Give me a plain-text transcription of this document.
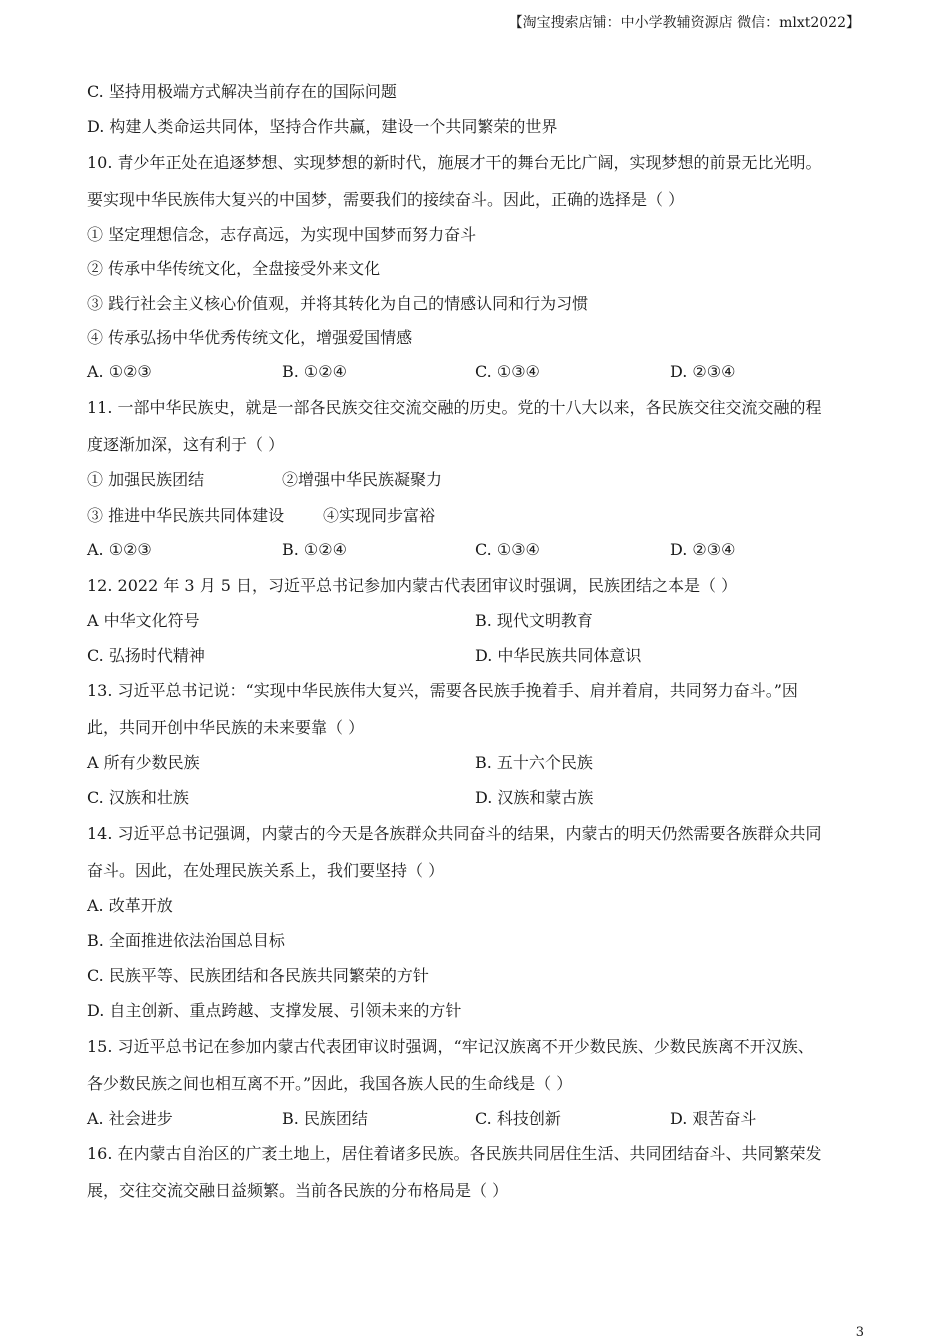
【淘宝搜索店铺：中小学教辅资源店 微信：mlxt2022】
C. 坚持用极端方式解决当前存在的国际问题
D. 构建人类命运共同体，坚持合作共赢，建设一个共同繁荣的世界
10. 青少年正处在追逐梦想、实现梦想的新时代，施展才干的舞台无比广阔，实现梦想的前景无比光明。
要实现中华民族伟大复兴的中国梦，需要我们的接续奋斗。因此，正确的选择是（ ）
① 坚定理想信念，志存高远，为实现中国梦而努力奋斗
② 传承中华传统文化，全盘接受外来文化
③ 践行社会主义核心价值观，并将其转化为自己的情感认同和行为习惯
④ 传承弘扬中华优秀传统文化，增强爱国情感
A. ①②③	B. ①②④	C. ①③④	D. ②③④
11. 一部中华民族史，就是一部各民族交往交流交融的历史。党的十八大以来，各民族交往交流交融的程
度逐渐加深，这有利于（ ）
① 加强民族团结	②增强中华民族凝聚力
③ 推进中华民族共同体建设 ④实现同步富裕
A. ①②③	B. ①②④	C. ①③④	D. ②③④
12. 2022 年 3 月 5 日，习近平总书记参加内蒙古代表团审议时强调，民族团结之本是（ ）
A 中华文化符号	B. 现代文明教育
C. 弘扬时代精神	D. 中华民族共同体意识
13. 习近平总书记说：“实现中华民族伟大复兴，需要各民族手挽着手、肩并着肩，共同努力奋斗。”因
此，共同开创中华民族的未来要靠（ ）
A 所有少数民族	B. 五十六个民族
C. 汉族和壮族	D. 汉族和蒙古族
14. 习近平总书记强调，内蒙古的今天是各族群众共同奋斗的结果，内蒙古的明天仍然需要各族群众共同
奋斗。因此，在处理民族关系上，我们要坚持（ ）
A. 改革开放
B. 全面推进依法治国总目标
C. 民族平等、民族团结和各民族共同繁荣的方针
D. 自主创新、重点跨越、支撑发展、引领未来的方针
15. 习近平总书记在参加内蒙古代表团审议时强调，“牢记汉族离不开少数民族、少数民族离不开汉族、
各少数民族之间也相互离不开。”因此，我国各族人民的生命线是（ ）
A. 社会进步	B. 民族团结	C. 科技创新	D. 艰苦奋斗
16. 在内蒙古自治区的广袤土地上，居住着诸多民族。各民族共同居住生活、共同团结奋斗、共同繁荣发
展，交往交流交融日益频繁。当前各民族的分布格局是（ ）
3
